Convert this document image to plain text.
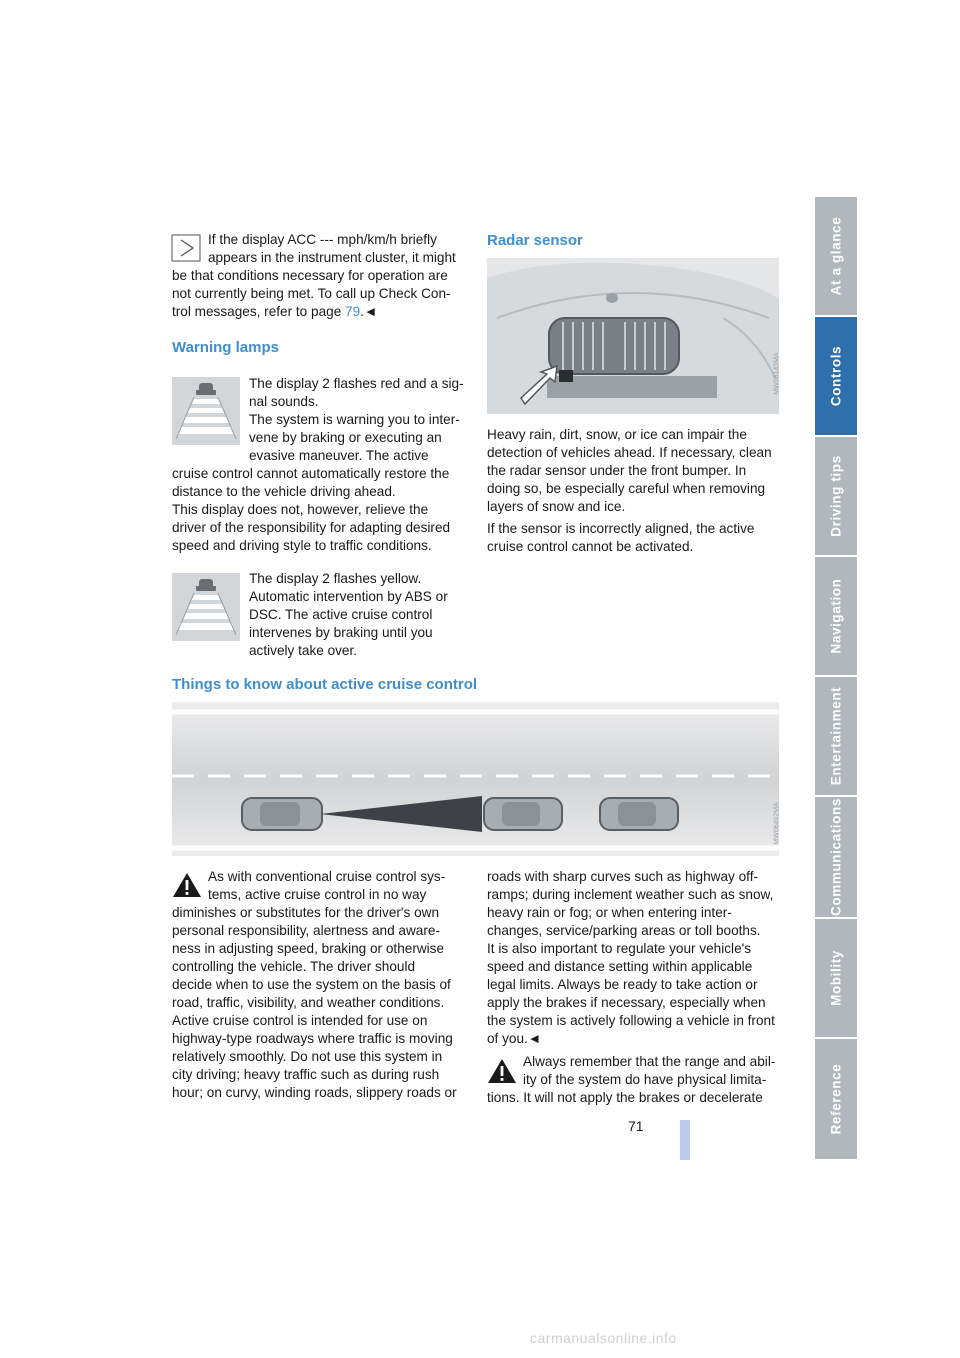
If the display ACC --- mph/km/h briefly

appears in the instrument cluster, it might

be that conditions necessary for operation are

not currently being met. To call up Check Con-

trol messages, refer to page 79.◄

Warning lamps

The display 2 flashes red and a sig-

nal sounds.

The system is warning you to inter-

vene by braking or executing an

evasive maneuver. The active

cruise control cannot automatically restore the

distance to the vehicle driving ahead.

This display does not, however, relieve the

driver of the responsibility for adapting desired

speed and driving style to traffic conditions.

The display 2 flashes yellow.

Automatic intervention by ABS or

DSC. The active cruise control

intervenes by braking until you

actively take over.

Radar sensor
MW06143MA

Heavy rain, dirt, snow, or ice can impair the

detection of vehicles ahead. If necessary, clean

the radar sensor under the front bumper. In

doing so, be especially careful when removing

layers of snow and ice.

If the sensor is incorrectly aligned, the active

cruise control cannot be activated.

Things to know about active cruise control
MW06492MA

As with conventional cruise control sys-

tems, active cruise control in no way

diminishes or substitutes for the driver's own

personal responsibility, alertness and aware-

ness in adjusting speed, braking or otherwise

controlling the vehicle. The driver should

decide when to use the system on the basis of

road, traffic, visibility, and weather conditions.

Active cruise control is intended for use on

highway-type roadways where traffic is moving

relatively smoothly. Do not use this system in

city driving; heavy traffic such as during rush

hour; on curvy, winding roads, slippery roads or

roads with sharp curves such as highway off-

ramps; during inclement weather such as snow,

heavy rain or fog; or when entering inter-

changes, service/parking areas or toll booths.

It is also important to regulate your vehicle's

speed and distance setting within applicable

legal limits. Always be ready to take action or

apply the brakes if necessary, especially when

the system is actively following a vehicle in front

of you.◄

Always remember that the range and abil-

ity of the system do have physical limita-

tions. It will not apply the brakes or decelerate

71
At a glance
Controls
Driving tips
Navigation
Entertainment
Communications
Mobility
Reference
carmanualsonline.info
